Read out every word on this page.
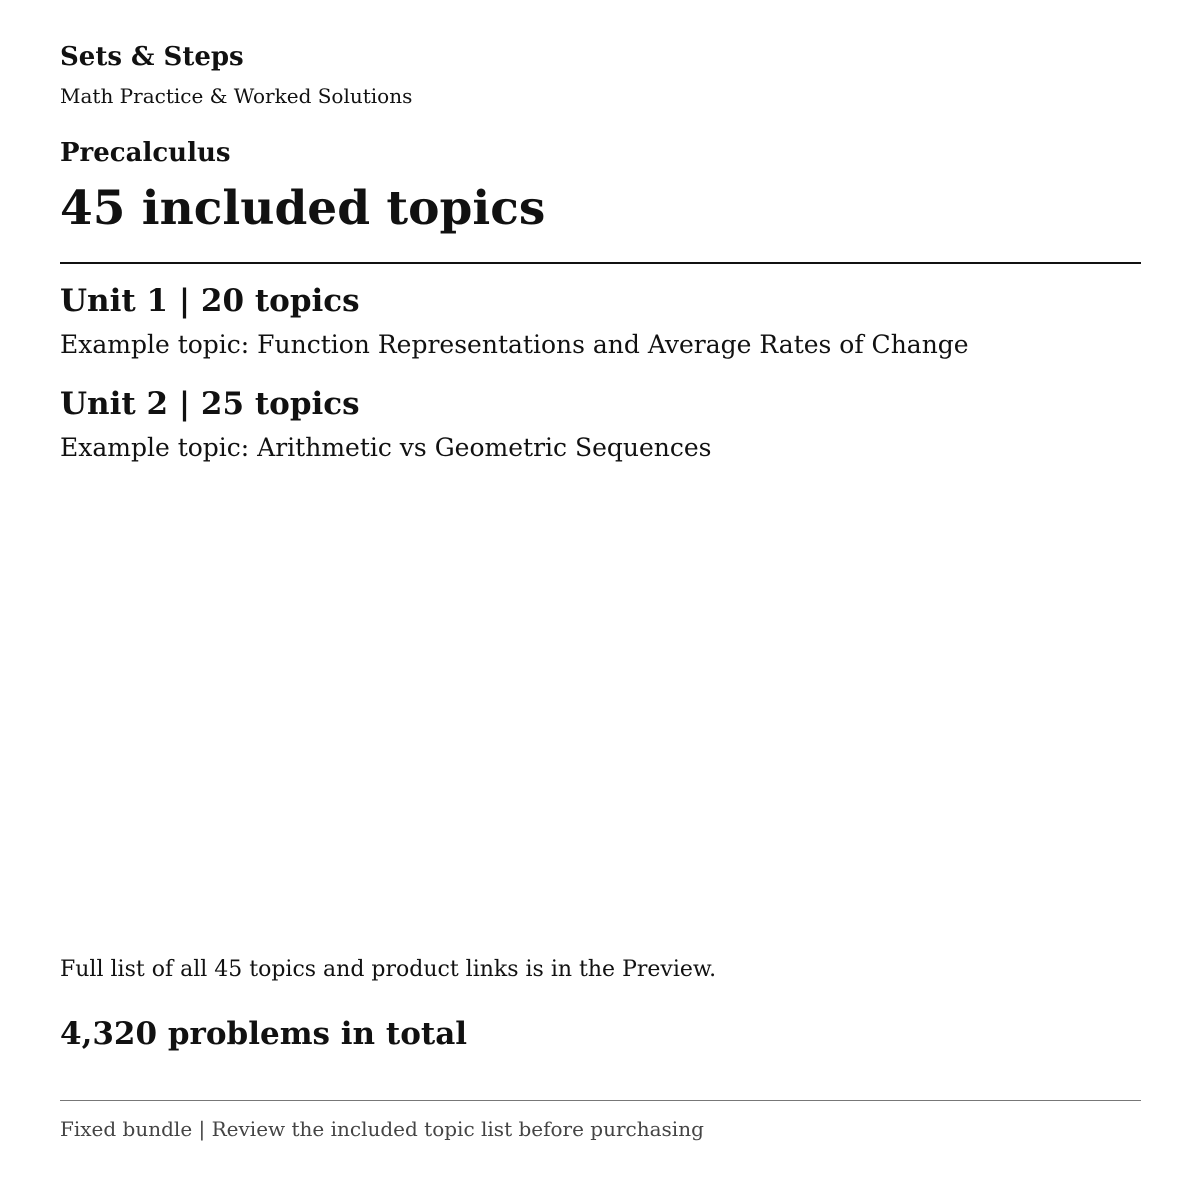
Sets & Steps
Math Practice & Worked Solutions
Precalculus
45 included topics
Unit 1 | 20 topics
Example topic: Function Representations and Average Rates of Change
Unit 2 | 25 topics
Example topic: Arithmetic vs Geometric Sequences
Full list of all 45 topics and product links is in the Preview.
4,320 problems in total
Fixed bundle | Review the included topic list before purchasing
